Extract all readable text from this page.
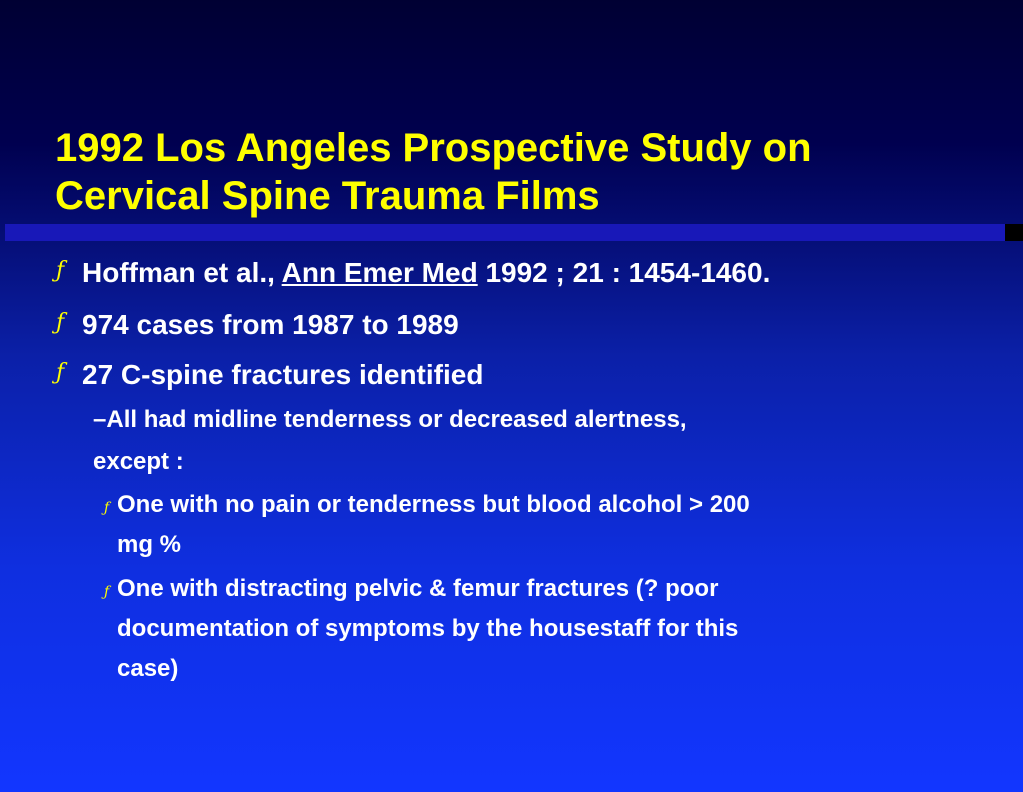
1992 Los Angeles Prospective Study on
Cervical Spine Trauma Films
ƒ Hoffman et al., Ann Emer Med 1992 ; 21 : 1454-1460.
ƒ 974 cases from 1987 to 1989
ƒ 27 C-spine fractures identified
–All had midline tenderness or decreased alertness,
except :
ƒ One with no pain or tenderness but blood alcohol > 200
mg %
ƒ One with distracting pelvic & femur fractures (? poor
documentation of symptoms by the housestaff for this
case)
